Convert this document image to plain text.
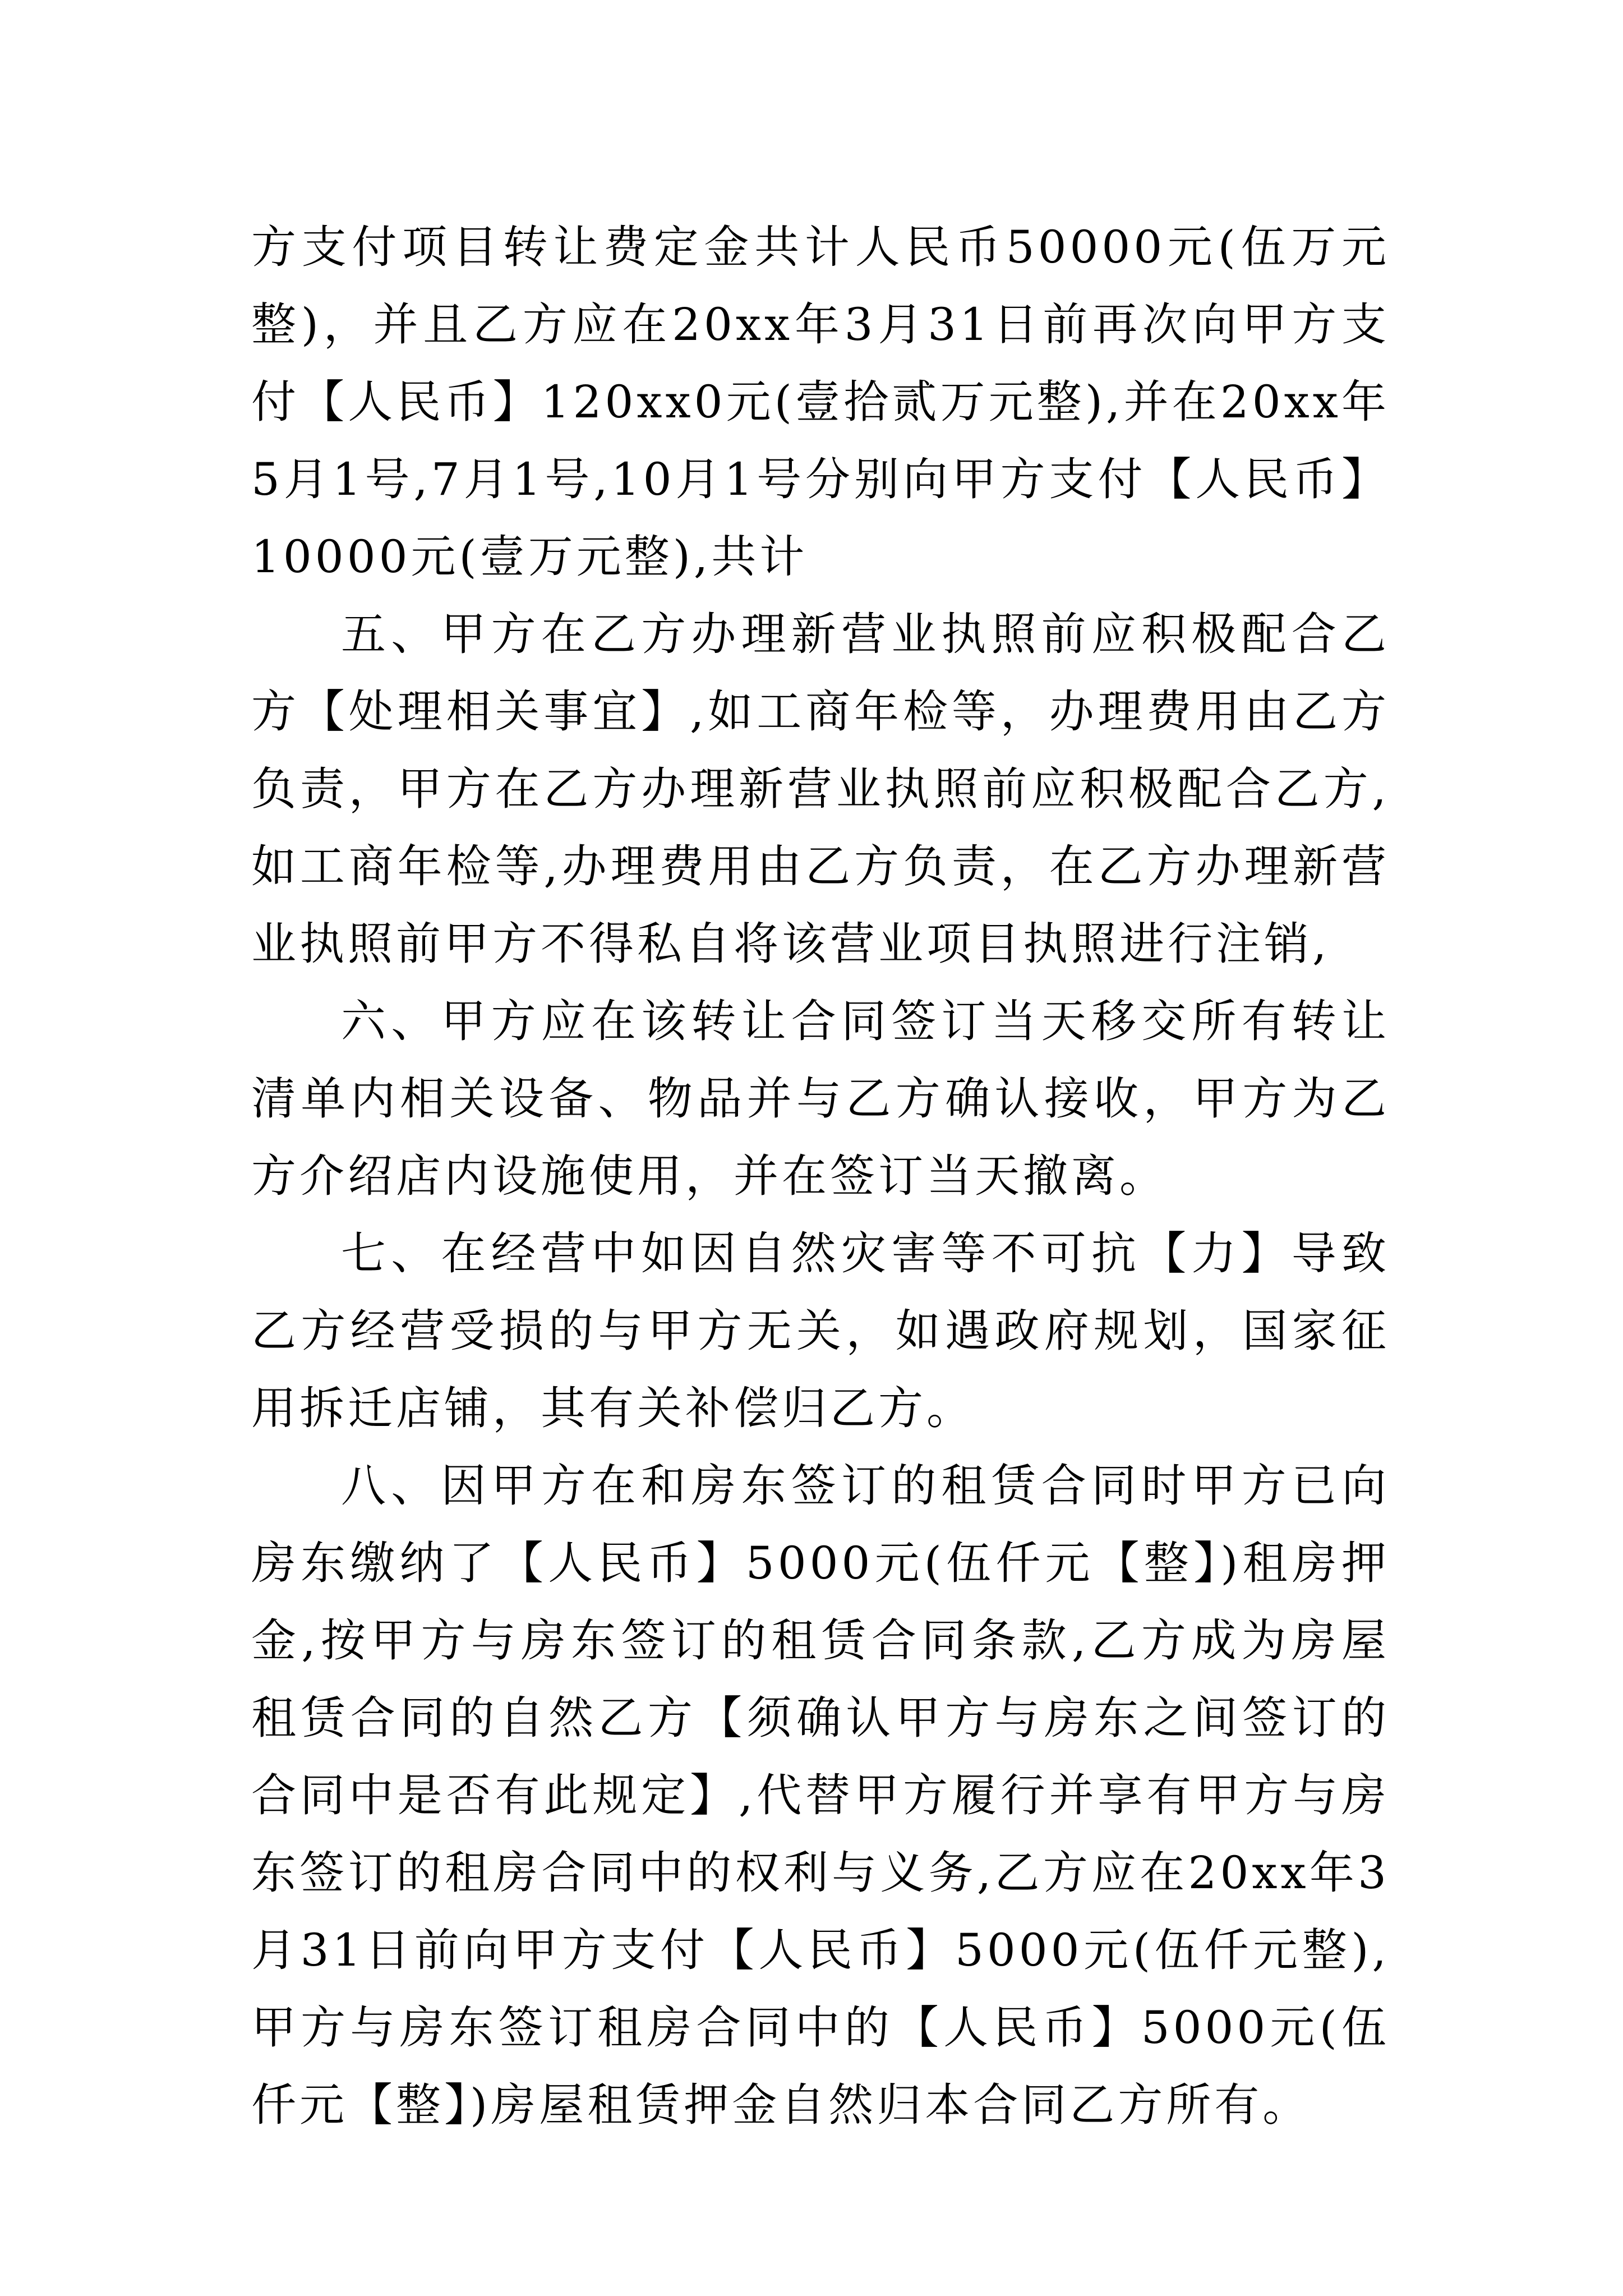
方支付项目转让费定金共计人民币50000元(伍万元整)，并且乙方应在20xx年3月31日前再次向甲方支付【人民币】120xx0元(壹拾贰万元整),并在20xx年5月1号,7月1号,10月1号分别向甲方支付【人民币】10000元(壹万元整),共计

五、甲方在乙方办理新营业执照前应积极配合乙方【处理相关事宜】,如工商年检等，办理费用由乙方负责，甲方在乙方办理新营业执照前应积极配合乙方,如工商年检等,办理费用由乙方负责，在乙方办理新营业执照前甲方不得私自将该营业项目执照进行注销,

六、甲方应在该转让合同签订当天移交所有转让清单内相关设备、物品并与乙方确认接收，甲方为乙方介绍店内设施使用，并在签订当天撤离。

七、在经营中如因自然灾害等不可抗【力】导致乙方经营受损的与甲方无关，如遇政府规划，国家征用拆迁店铺，其有关补偿归乙方。

八、因甲方在和房东签订的租赁合同时甲方已向房东缴纳了【人民币】5000元(伍仟元【整】)租房押金,按甲方与房东签订的租赁合同条款,乙方成为房屋租赁合同的自然乙方【须确认甲方与房东之间签订的合同中是否有此规定】,代替甲方履行并享有甲方与房东签订的租房合同中的权利与义务,乙方应在20xx年3月31日前向甲方支付【人民币】5000元(伍仟元整),甲方与房东签订租房合同中的【人民币】5000元(伍仟元【整】)房屋租赁押金自然归本合同乙方所有。
